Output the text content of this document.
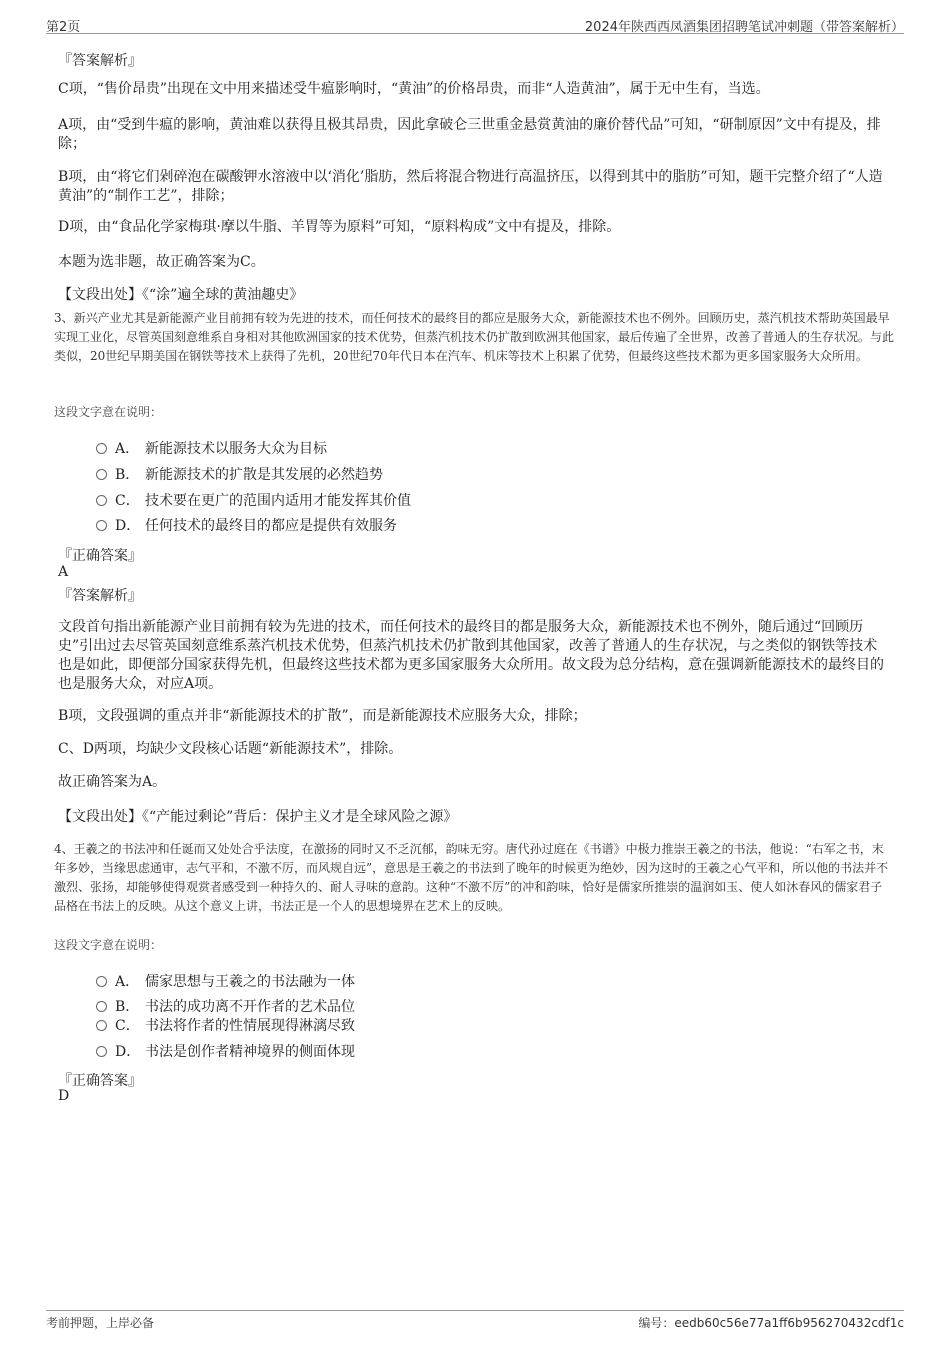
第2页	2024年陕西西凤酒集团招聘笔试冲刺题（带答案解析）
『答案解析』
C项，“售价昂贵”出现在文中用来描述受牛瘟影响时，“黄油”的价格昂贵，而非“人造黄油”，属于无中生有，当选。
A项，由“受到牛瘟的影响，黄油难以获得且极其昂贵，因此拿破仑三世重金悬赏黄油的廉价替代品”可知，“研制原因”文中有提及，排除；
B项，由“将它们剁碎泡在碳酸钾水溶液中以‘消化’脂肪，然后将混合物进行高温挤压，以得到其中的脂肪”可知，题干完整介绍了“人造黄油”的“制作工艺”，排除；
D项，由“食品化学家梅琪·摩以牛脂、羊胃等为原料”可知，“原料构成”文中有提及，排除。
本题为选非题，故正确答案为C。
【文段出处】《“涂”遍全球的黄油趣史》
3、新兴产业尤其是新能源产业目前拥有较为先进的技术，而任何技术的最终目的都应是服务大众，新能源技术也不例外。回顾历史，蒸汽机技术帮助英国最早实现工业化，尽管英国刻意维系自身相对其他欧洲国家的技术优势，但蒸汽机技术仍扩散到欧洲其他国家，最后传遍了全世界，改善了普通人的生存状况。与此类似，20世纪早期美国在钢铁等技术上获得了先机，20世纪70年代日本在汽车、机床等技术上积累了优势，但最终这些技术都为更多国家服务大众所用。
这段文字意在说明：
A． 新能源技术以服务大众为目标
B． 新能源技术的扩散是其发展的必然趋势
C． 技术要在更广的范围内适用才能发挥其价值
D． 任何技术的最终目的都应是提供有效服务
『正确答案』
A
『答案解析』
文段首句指出新能源产业目前拥有较为先进的技术，而任何技术的最终目的都是服务大众，新能源技术也不例外，随后通过“回顾历史”引出过去尽管英国刻意维系蒸汽机技术优势，但蒸汽机技术仍扩散到其他国家，改善了普通人的生存状况，与之类似的钢铁等技术也是如此，即便部分国家获得先机，但最终这些技术都为更多国家服务大众所用。故文段为总分结构，意在强调新能源技术的最终目的也是服务大众，对应A项。
B项，文段强调的重点并非“新能源技术的扩散”，而是新能源技术应服务大众，排除；
C、D两项，均缺少文段核心话题“新能源技术”，排除。
故正确答案为A。
【文段出处】《“产能过剩论”背后：保护主义才是全球风险之源》
4、王羲之的书法冲和任诞而又处处合乎法度，在激扬的同时又不乏沉郁，韵味无穷。唐代孙过庭在《书谱》中极力推崇王羲之的书法，他说：“右军之书，末年多妙，当缘思虑通审，志气平和，不激不厉，而风规自远”，意思是王羲之的书法到了晚年的时候更为绝妙，因为这时的王羲之心气平和，所以他的书法并不激烈、张扬，却能够使得观赏者感受到一种持久的、耐人寻味的意韵。这种“不激不厉”的冲和韵味，恰好是儒家所推崇的温润如玉、使人如沐春风的儒家君子品格在书法上的反映。从这个意义上讲，书法正是一个人的思想境界在艺术上的反映。
这段文字意在说明：
A． 儒家思想与王羲之的书法融为一体
B． 书法的成功离不开作者的艺术品位
C． 书法将作者的性情展现得淋漓尽致
D． 书法是创作者精神境界的侧面体现
『正确答案』
D
考前押题，上岸必备	编号：eedb60c56e77a1ff6b956270432cdf1c
